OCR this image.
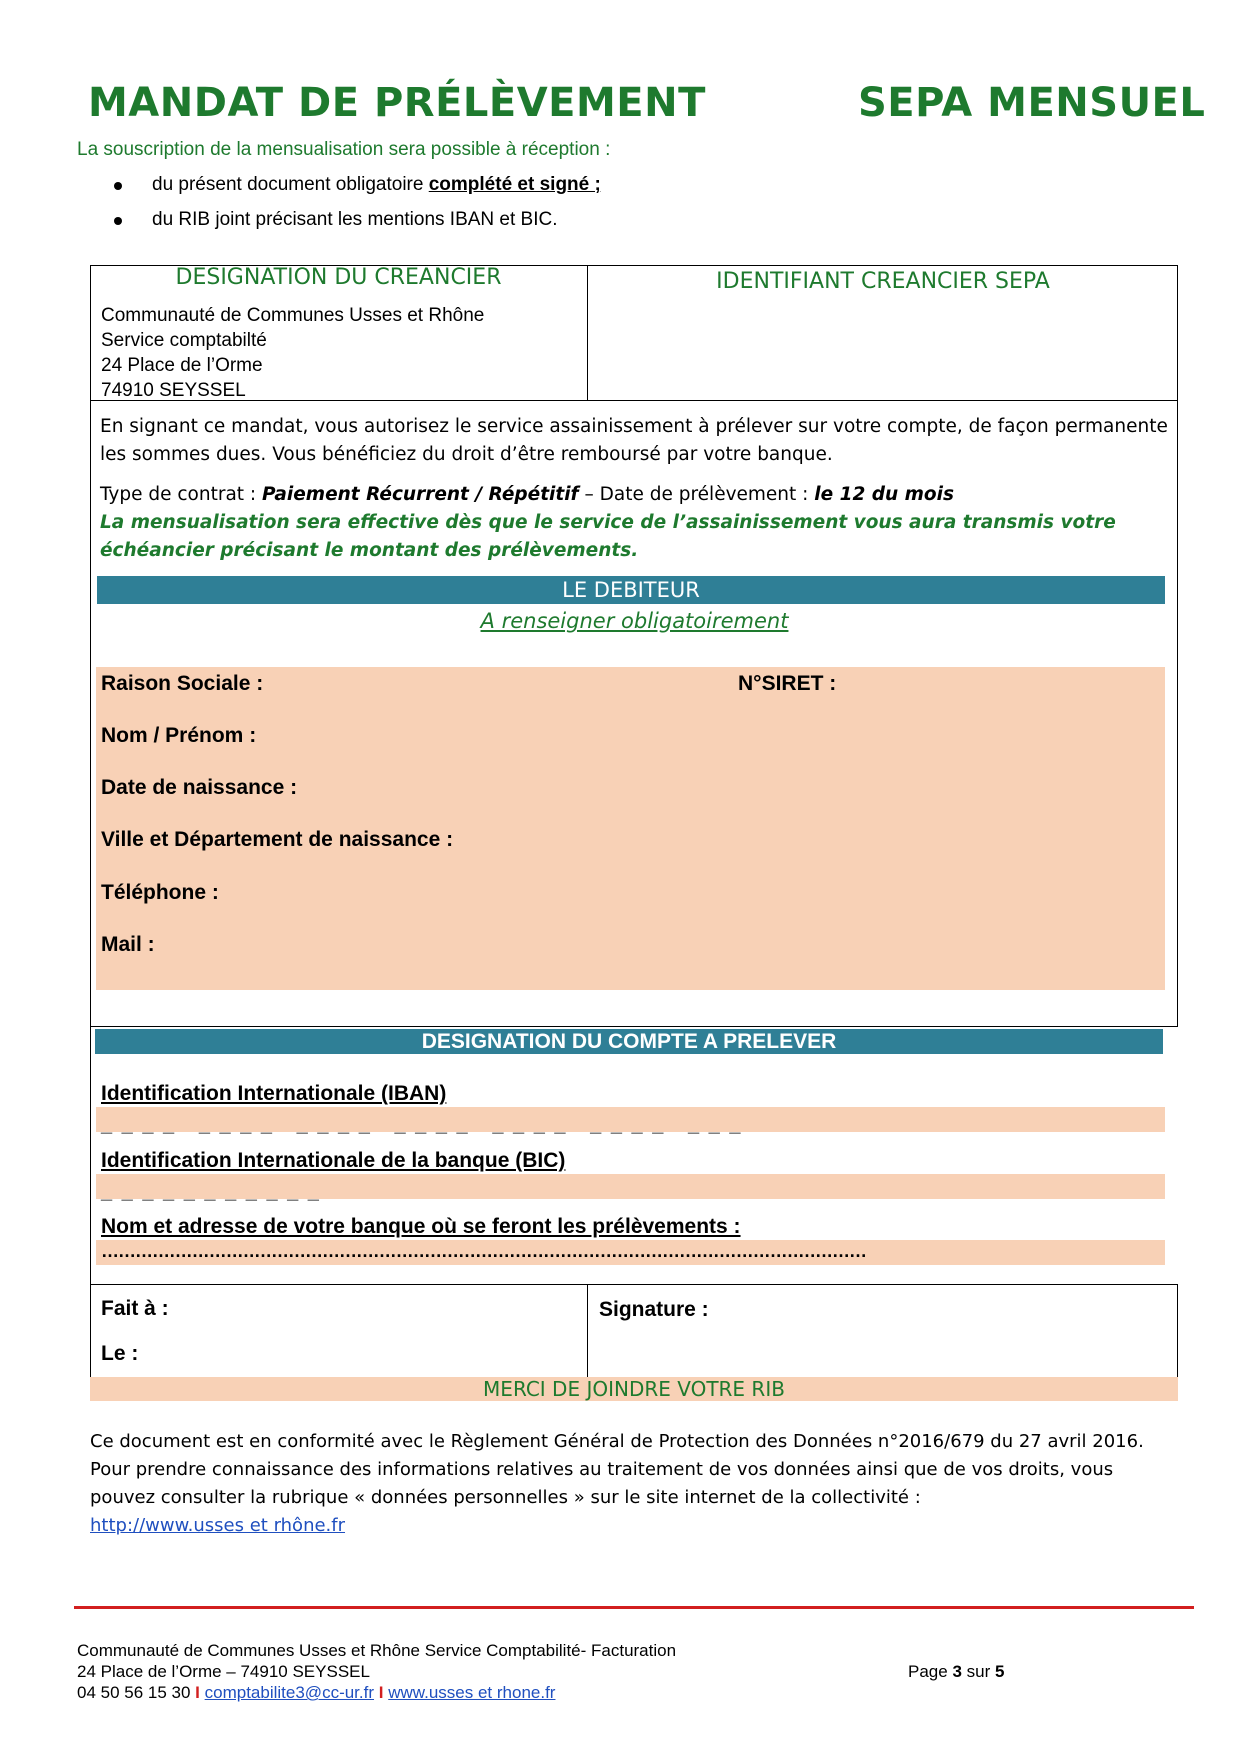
MANDAT DE PRÉLÈVEMENT	SEPA MENSUEL
La souscription de la mensualisation sera possible à réception :
du présent document obligatoire complété et signé ;
du RIB joint précisant les mentions IBAN et BIC.
DESIGNATION DU CREANCIER
Communauté de Communes Usses et Rhône
Service comptabilté
24 Place de l’Orme
74910 SEYSSEL
IDENTIFIANT CREANCIER SEPA
En signant ce mandat, vous autorisez le service assainissement à prélever sur votre compte, de façon permanente les sommes dues. Vous bénéficiez du droit d’être remboursé par votre banque.
Type de contrat : Paiement Récurrent / Répétitif – Date de prélèvement : le 12 du mois
La mensualisation sera effective dès que le service de l’assainissement vous aura transmis votre échéancier précisant le montant des prélèvements.
LE DEBITEUR
A renseigner obligatoirement
Raison Sociale :	N°SIRET :
Nom / Prénom :
Date de naissance :
Ville et Département de naissance :
Téléphone :
Mail :
DESIGNATION DU COMPTE A PRELEVER
Identification Internationale (IBAN)
_ _ _ _   _ _ _ _   _ _ _ _   _ _ _ _   _ _ _ _   _ _ _ _   _ _ _
Identification Internationale de la banque (BIC)
_ _ _ _ _ _ _ _ _ _ _
Nom et adresse de votre banque où se feront les prélèvements :
………………………………………………………………………………………………………………………
Fait à :
Le :
Signature :
MERCI DE JOINDRE VOTRE RIB
Ce document est en conformité avec le Règlement Général de Protection des Données n°2016/679 du 27 avril 2016. Pour prendre connaissance des informations relatives au traitement de vos données ainsi que de vos droits, vous pouvez consulter la rubrique « données personnelles » sur le site internet de la collectivité :
http://www.usses et rhône.fr
Communauté de Communes Usses et Rhône Service Comptabilité- Facturation
24 Place de l’Orme – 74910 SEYSSEL
04 50 56 15 30 I comptabilite3@cc-ur.fr I www.usses et rhone.fr
Page 3 sur 5
